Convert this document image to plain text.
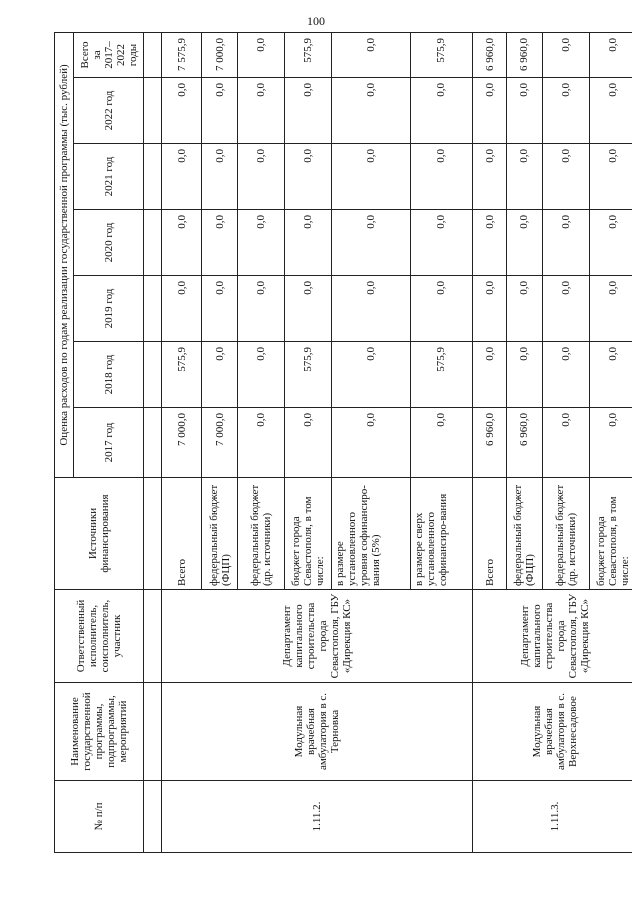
100
№ п/п	Наименование государственной программы, подпрограммы, мероприятий	Ответственный исполнитель, соисполнитель, участник	Источники финансирования	Оценка расходов по годам реализации государственной программы (тыс. рублей)						
				2017 год	2018 год	2019 год	2020 год	2021 год	2022 год	Всего за 2017–2022 годы

1.11.2.	Модульная врачебная амбулатория в с. Терновка	Департамент капитального строительства города Севастополя, ГБУ «Дирекция КС»	Всего	7 000,0	575,9	0,0	0,0	0,0	0,0	7 575,9
			федеральный бюджет (ФЦП)	7 000,0	0,0	0,0	0,0	0,0	0,0	7 000,0
			федеральный бюджет (др. источники)	0,0	0,0	0,0	0,0	0,0	0,0	0,0
			бюджет города Севастополя, в том числе:	0,0	575,9	0,0	0,0	0,0	0,0	575,9
			в размере установленного уровня софинансиро-вания (5%)	0,0	0,0	0,0	0,0	0,0	0,0	0,0
			в размере сверх установленного софинансиро-вания	0,0	575,9	0,0	0,0	0,0	0,0	575,9
1.11.3.	Модульная врачебная амбулатория в с. Верхнесадовое	Департамент капитального строительства города Севастополя, ГБУ «Дирекция КС»	Всего	6 960,0	0,0	0,0	0,0	0,0	0,0	6 960,0
			федеральный бюджет (ФЦП)	6 960,0	0,0	0,0	0,0	0,0	0,0	6 960,0
			федеральный бюджет (др. источники)	0,0	0,0	0,0	0,0	0,0	0,0	0,0
			бюджет города Севастополя, в том числе:	0,0	0,0	0,0	0,0	0,0	0,0	0,0
